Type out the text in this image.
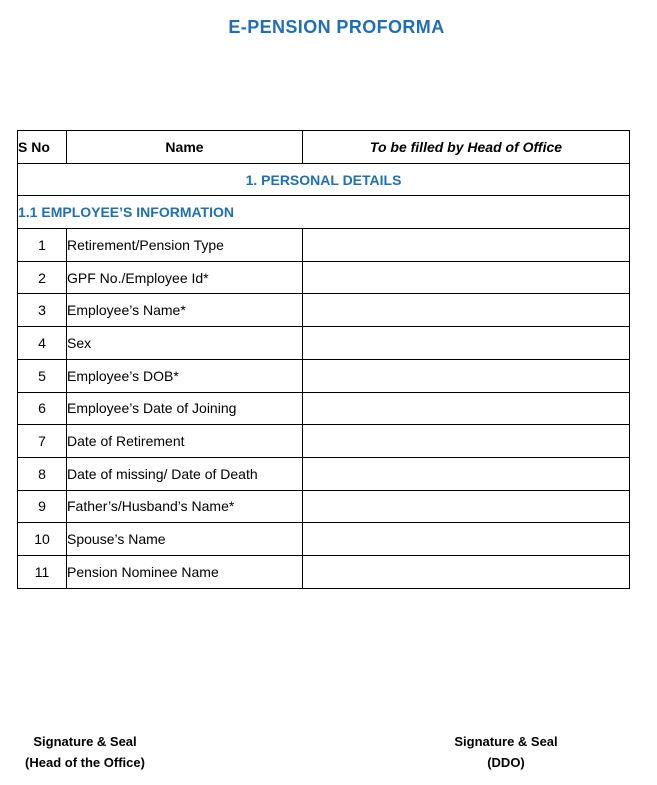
E-PENSION PROFORMA
S No	Name	To be filled by Head of Office
1. PERSONAL DETAILS		
1.1 EMPLOYEE’S INFORMATION		
1	Retirement/Pension Type	
2	GPF No./Employee Id*	
3	Employee’s Name*	
4	Sex	
5	Employee’s DOB*	
6	Employee’s Date of Joining	
7	Date of Retirement	
8	Date of missing/ Date of Death	
9	Father’s/Husband’s Name*	
10	Spouse’s Name	
11	Pension Nominee Name	
Signature & Seal
(Head of the Office)
Signature & Seal
(DDO)
